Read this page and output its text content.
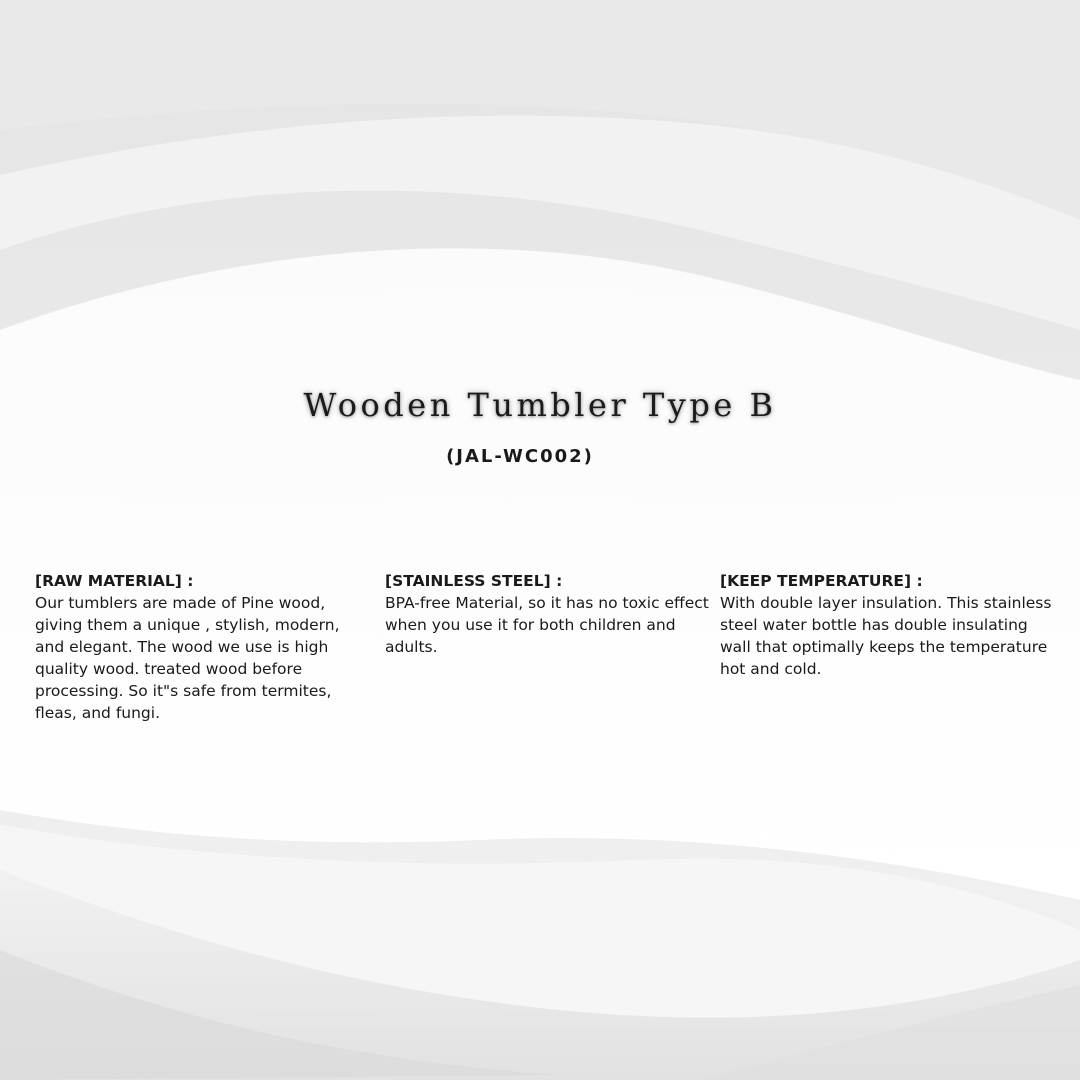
Wooden Tumbler Type B

(JAL-WC002)

[RAW MATERIAL] :

Our tumblers are made of Pine wood, giving them a unique , stylish, modern, and elegant. The wood we use is high quality wood. treated wood before processing. So it"s safe from termites, fleas, and fungi.

[STAINLESS STEEL] :

BPA-free Material, so it has no toxic effect when you use it for both children and adults.

[KEEP TEMPERATURE] :

With double layer insulation. This stainless steel water bottle has double insulating wall that optimally keeps the temperature hot and cold.
